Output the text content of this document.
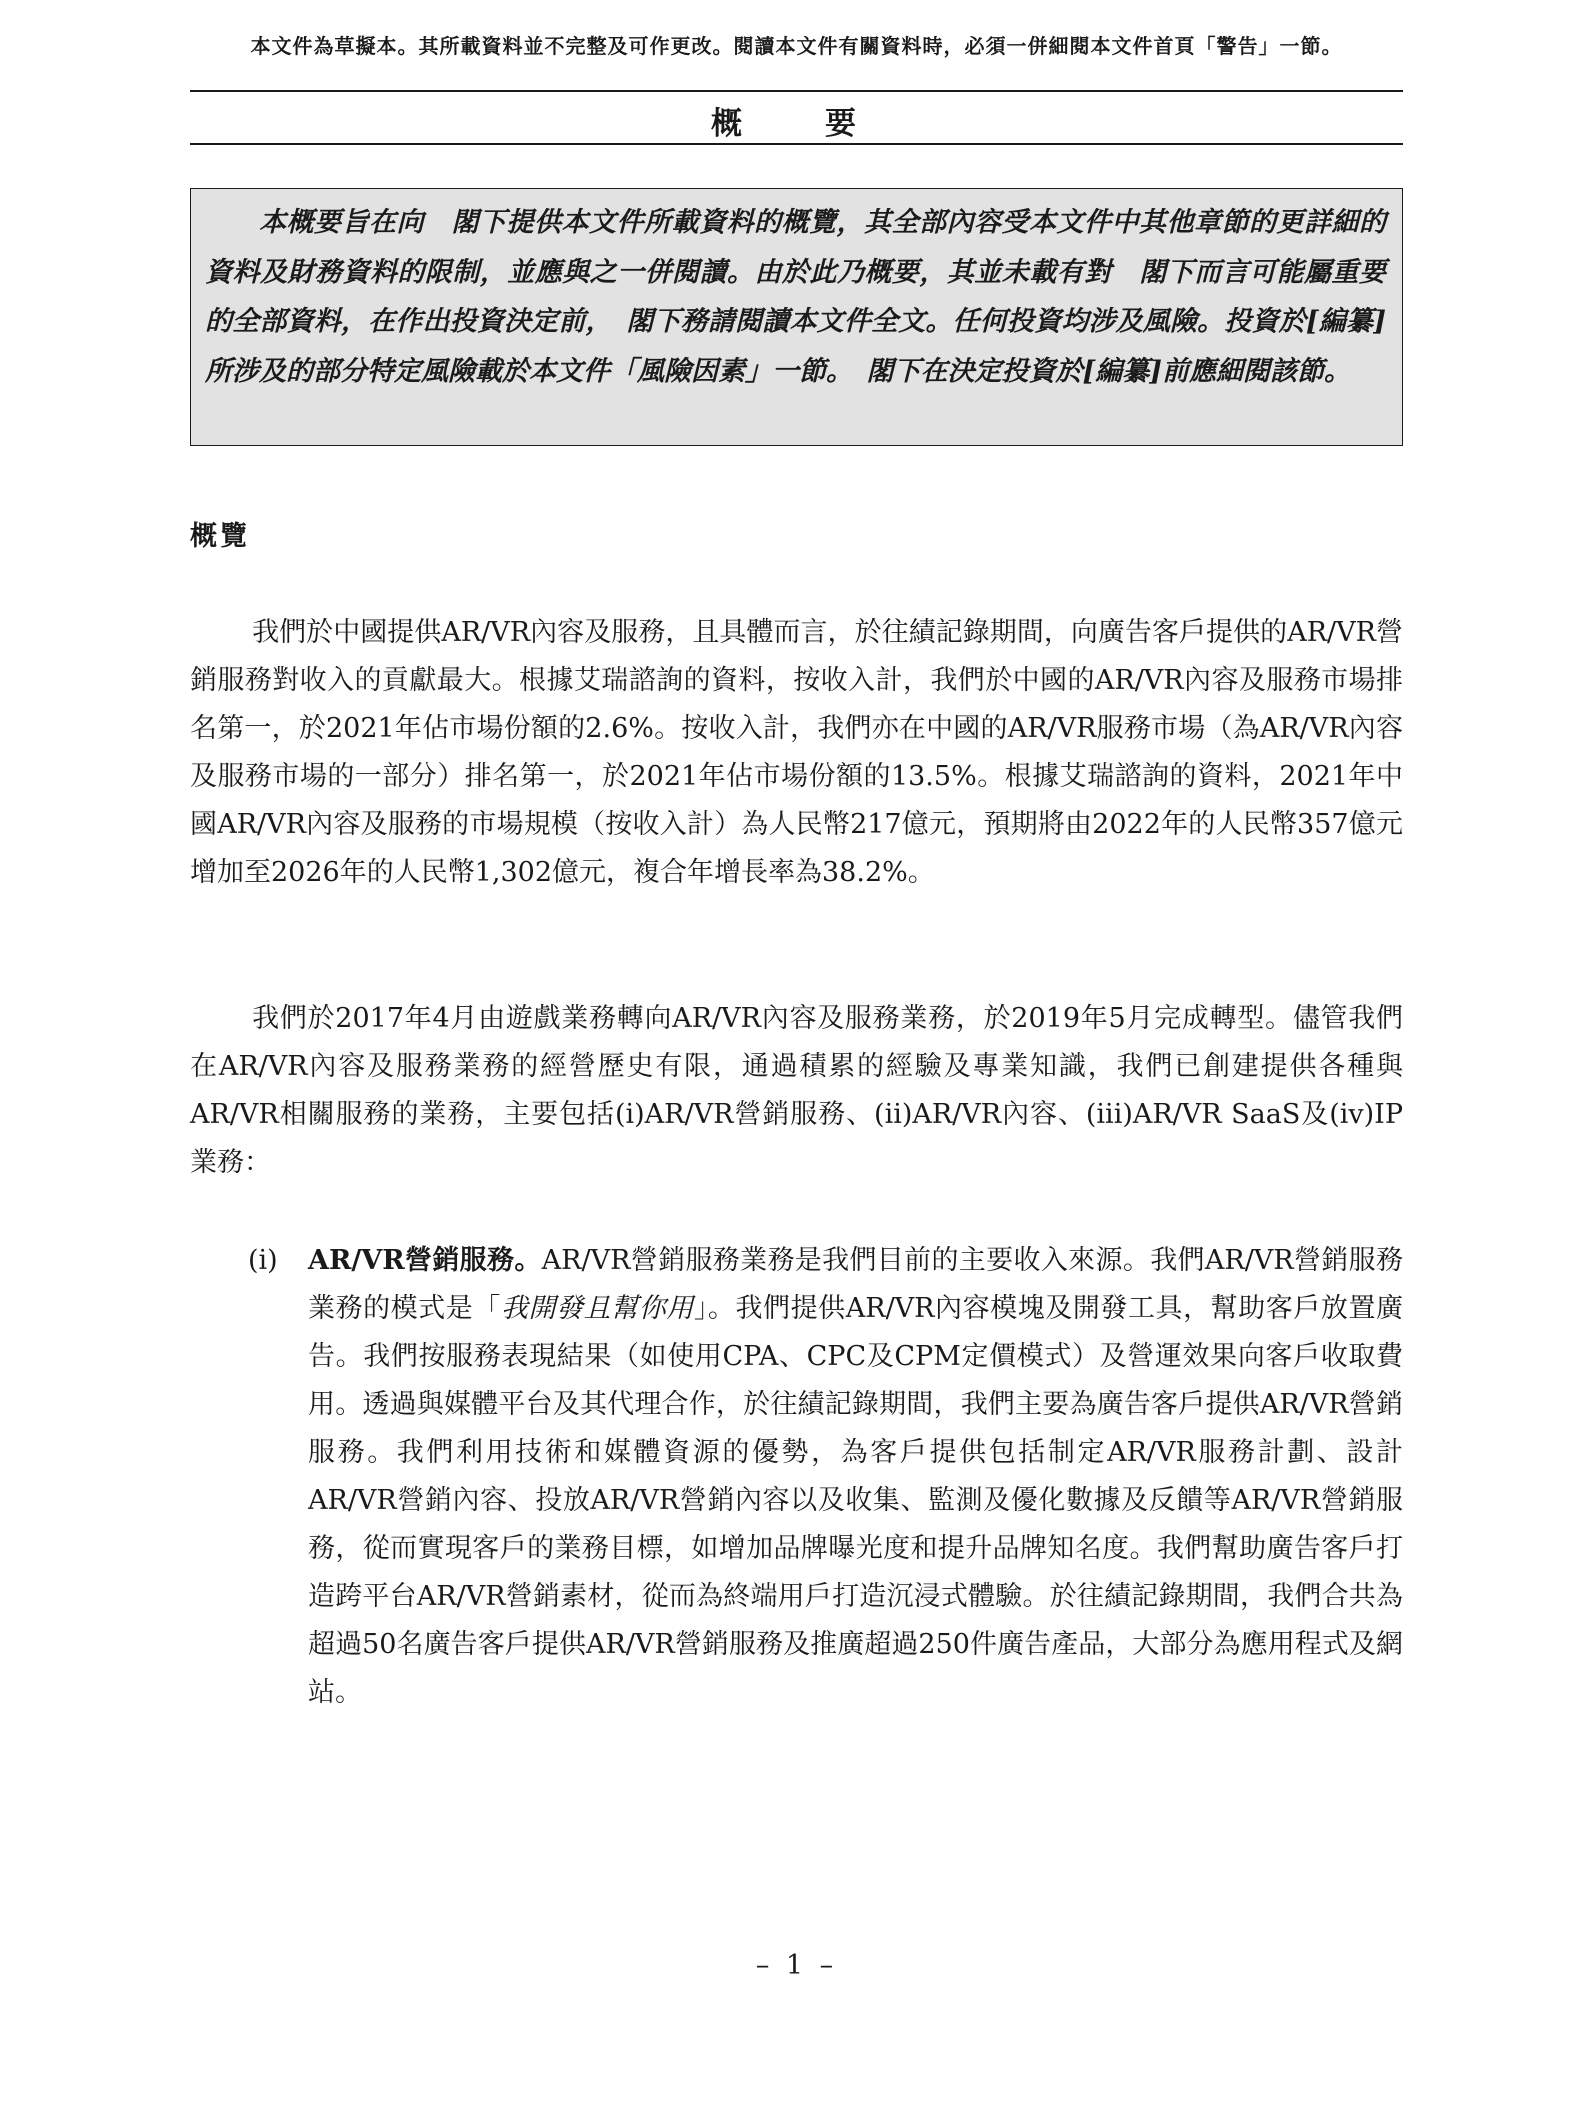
本文件為草擬本。其所載資料並不完整及可作更改。閱讀本文件有關資料時，必須一併細閱本文件首頁「警告」一節。
概　要
本概要旨在向　閣下提供本文件所載資料的概覽，其全部內容受本文件中其他章節的更詳細的資料及財務資料的限制，並應與之一併閱讀。由於此乃概要，其並未載有對　閣下而言可能屬重要的全部資料，在作出投資決定前，　閣下務請閱讀本文件全文。任何投資均涉及風險。投資於[編纂]所涉及的部分特定風險載於本文件「風險因素」一節。　閣下在決定投資於[編纂]前應細閱該節。
概覽

我們於中國提供AR/VR內容及服務，且具體而言，於往績記錄期間，向廣告客戶提供的AR/VR營銷服務對收入的貢獻最大。根據艾瑞諮詢的資料，按收入計，我們於中國的AR/VR內容及服務市場排名第一，於2021年佔市場份額的2.6%。按收入計，我們亦在中國的AR/VR服務市場（為AR/VR內容及服務市場的一部分）排名第一，於2021年佔市場份額的13.5%。根據艾瑞諮詢的資料，2021年中國AR/VR內容及服務的市場規模（按收入計）為人民幣217億元，預期將由2022年的人民幣357億元增加至2026年的人民幣1,302億元，複合年增長率為38.2%。

我們於2017年4月由遊戲業務轉向AR/VR內容及服務業務，於2019年5月完成轉型。儘管我們在AR/VR內容及服務業務的經營歷史有限，通過積累的經驗及專業知識，我們已創建提供各種與AR/VR相關服務的業務，主要包括(i)AR/VR營銷服務、(ii)AR/VR內容、(iii)AR/VR SaaS及(iv)IP業務：

(i) AR/VR營銷服務。AR/VR營銷服務業務是我們目前的主要收入來源。我們AR/VR營銷服務業務的模式是「我開發且幫你用」。我們提供AR/VR內容模塊及開發工具，幫助客戶放置廣告。我們按服務表現結果（如使用CPA、CPC及CPM定價模式）及營運效果向客戶收取費用。透過與媒體平台及其代理合作，於往績記錄期間，我們主要為廣告客戶提供AR/VR營銷服務。我們利用技術和媒體資源的優勢，為客戶提供包括制定AR/VR服務計劃、設計AR/VR營銷內容、投放AR/VR營銷內容以及收集、監測及優化數據及反饋等AR/VR營銷服務，從而實現客戶的業務目標，如增加品牌曝光度和提升品牌知名度。我們幫助廣告客戶打造跨平台AR/VR營銷素材，從而為終端用戶打造沉浸式體驗。於往績記錄期間，我們合共為超過50名廣告客戶提供AR/VR營銷服務及推廣超過250件廣告產品，大部分為應用程式及網站。
– 1 –
